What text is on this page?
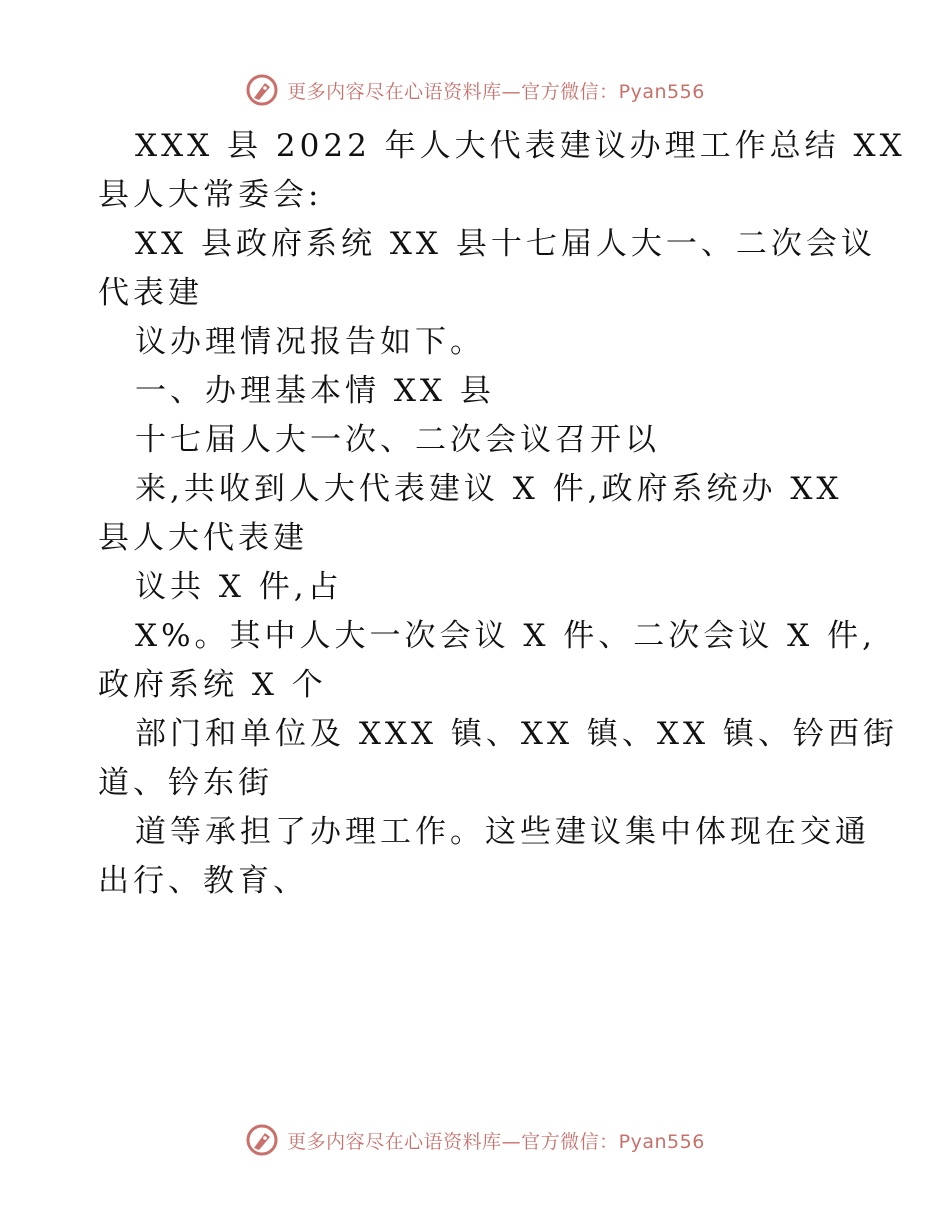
更多内容尽在心语资料库—官方微信：Pyan556

XXX 县 2022 年人大代表建议办理工作总结 XX

县人大常委会:

XX 县政府系统 XX 县十七届人大一、二次会议

代表建

议办理情况报告如下。

一、办理基本情 XX 县

十七届人大一次、二次会议召开以

来,共收到人大代表建议 X 件,政府系统办 XX

县人大代表建

议共 X 件,占

X%。其中人大一次会议 X 件、二次会议 X 件,

政府系统 X 个

部门和单位及 XXX 镇、XX 镇、XX 镇、钤西街

道、钤东街

道等承担了办理工作。这些建议集中体现在交通

出行、教育、

更多内容尽在心语资料库—官方微信：Pyan556
